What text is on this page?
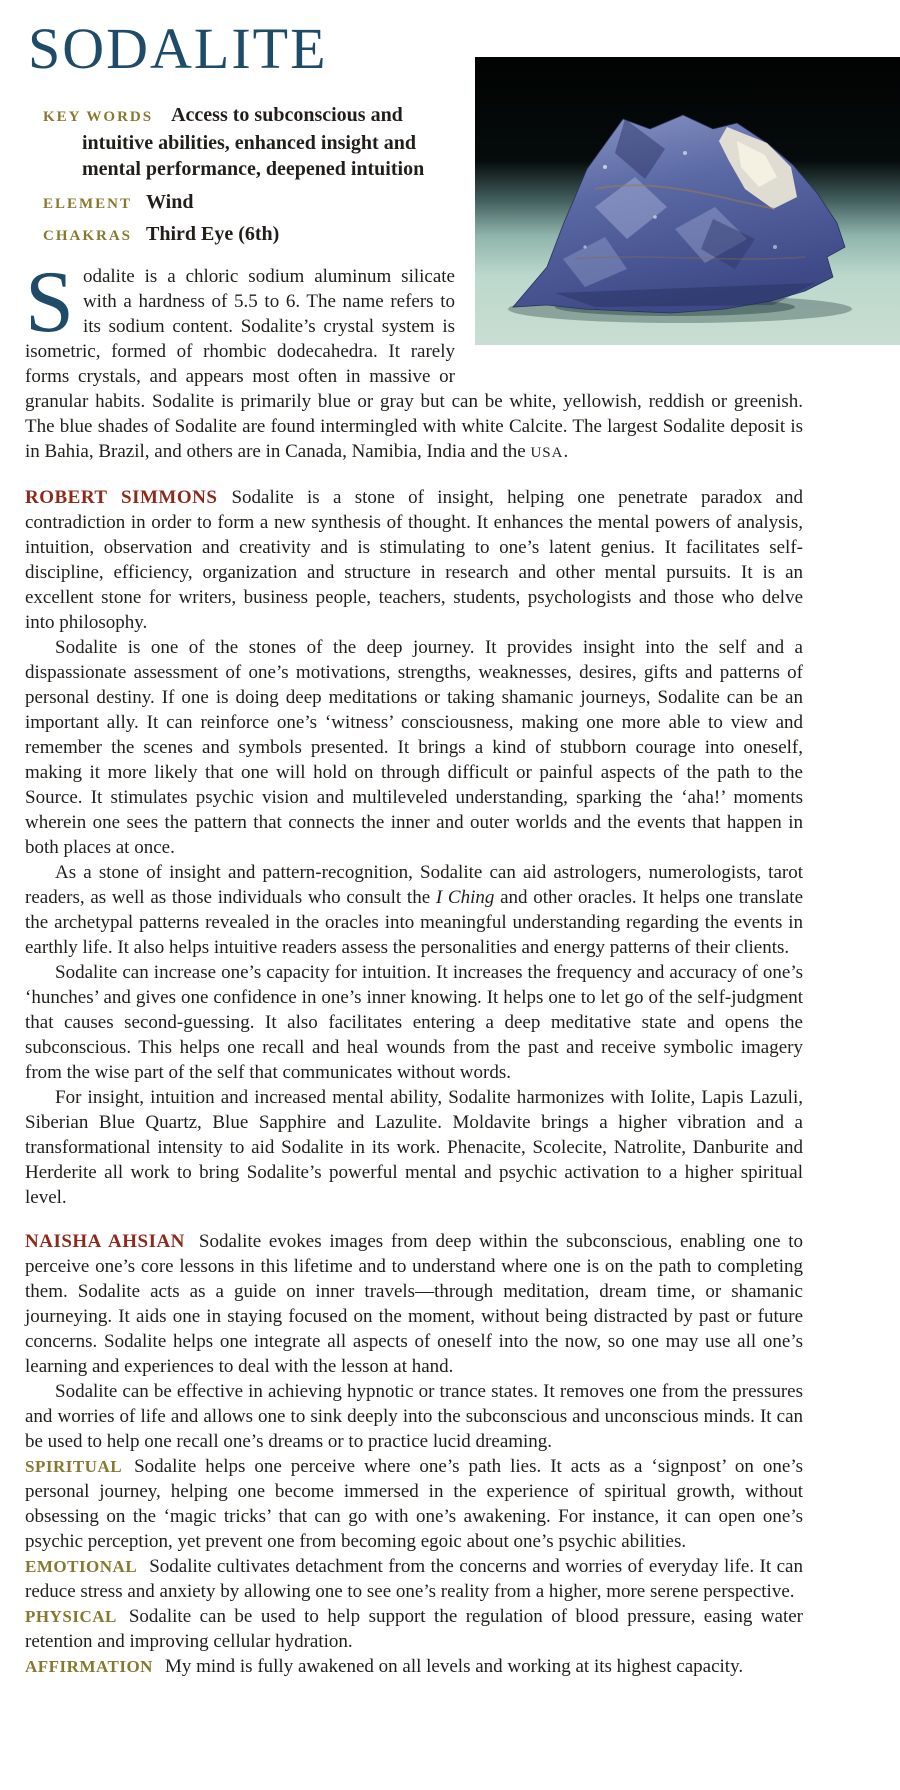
SODALITE
KEY WORDS Access to subconscious and intuitive abilities, enhanced insight and mental performance, deepened intuition
ELEMENT Wind
CHAKRAS Third Eye (6th)

Sodalite is a chloric sodium aluminum silicate with a hardness of 5.5 to 6. The name refers to its sodium content. Sodalite’s crystal system is isometric, formed of rhombic dodecahedra. It rarely forms crystals, and appears most often in massive or granular habits. Sodalite is primarily blue or gray but can be white, yellowish, reddish or greenish. The blue shades of Sodalite are found intermingled with white Calcite. The largest Sodalite deposit is in Bahia, Brazil, and others are in Canada, Namibia, India and the USA.

ROBERT SIMMONS Sodalite is a stone of insight, helping one penetrate paradox and contradiction in order to form a new synthesis of thought. It enhances the mental powers of analysis, intuition, observation and creativity and is stimulating to one’s latent genius. It facilitates self-discipline, efficiency, organization and structure in research and other mental pursuits. It is an excellent stone for writers, business people, teachers, students, psychologists and those who delve into philosophy.

Sodalite is one of the stones of the deep journey. It provides insight into the self and a dispassionate assessment of one’s motivations, strengths, weaknesses, desires, gifts and patterns of personal destiny. If one is doing deep meditations or taking shamanic journeys, Sodalite can be an important ally. It can reinforce one’s ‘witness’ consciousness, making one more able to view and remember the scenes and symbols presented. It brings a kind of stubborn courage into oneself, making it more likely that one will hold on through difficult or painful aspects of the path to the Source. It stimulates psychic vision and multileveled understanding, sparking the ‘aha!’ moments wherein one sees the pattern that connects the inner and outer worlds and the events that happen in both places at once.

As a stone of insight and pattern-recognition, Sodalite can aid astrologers, numerologists, tarot readers, as well as those individuals who consult the I Ching and other oracles. It helps one translate the archetypal patterns revealed in the oracles into meaningful understanding regarding the events in earthly life. It also helps intuitive readers assess the personalities and energy patterns of their clients.

Sodalite can increase one’s capacity for intuition. It increases the frequency and accuracy of one’s ‘hunches’ and gives one confidence in one’s inner knowing. It helps one to let go of the self-judgment that causes second-guessing. It also facilitates entering a deep meditative state and opens the subconscious. This helps one recall and heal wounds from the past and receive symbolic imagery from the wise part of the self that communicates without words.

For insight, intuition and increased mental ability, Sodalite harmonizes with Iolite, Lapis Lazuli, Siberian Blue Quartz, Blue Sapphire and Lazulite. Moldavite brings a higher vibration and a transformational intensity to aid Sodalite in its work. Phenacite, Scolecite, Natrolite, Danburite and Herderite all work to bring Sodalite’s powerful mental and psychic activation to a higher spiritual level.

NAISHA AHSIAN Sodalite evokes images from deep within the subconscious, enabling one to perceive one’s core lessons in this lifetime and to understand where one is on the path to completing them. Sodalite acts as a guide on inner travels—through meditation, dream time, or shamanic journeying. It aids one in staying focused on the moment, without being distracted by past or future concerns. Sodalite helps one integrate all aspects of oneself into the now, so one may use all one’s learning and experiences to deal with the lesson at hand.

Sodalite can be effective in achieving hypnotic or trance states. It removes one from the pressures and worries of life and allows one to sink deeply into the subconscious and unconscious minds. It can be used to help one recall one’s dreams or to practice lucid dreaming.

SPIRITUAL Sodalite helps one perceive where one’s path lies. It acts as a ‘signpost’ on one’s personal journey, helping one become immersed in the experience of spiritual growth, without obsessing on the ‘magic tricks’ that can go with one’s awakening. For instance, it can open one’s psychic perception, yet prevent one from becoming egoic about one’s psychic abilities.

EMOTIONAL Sodalite cultivates detachment from the concerns and worries of everyday life. It can reduce stress and anxiety by allowing one to see one’s reality from a higher, more serene perspective.

PHYSICAL Sodalite can be used to help support the regulation of blood pressure, easing water retention and improving cellular hydration.

AFFIRMATION My mind is fully awakened on all levels and working at its highest capacity.
